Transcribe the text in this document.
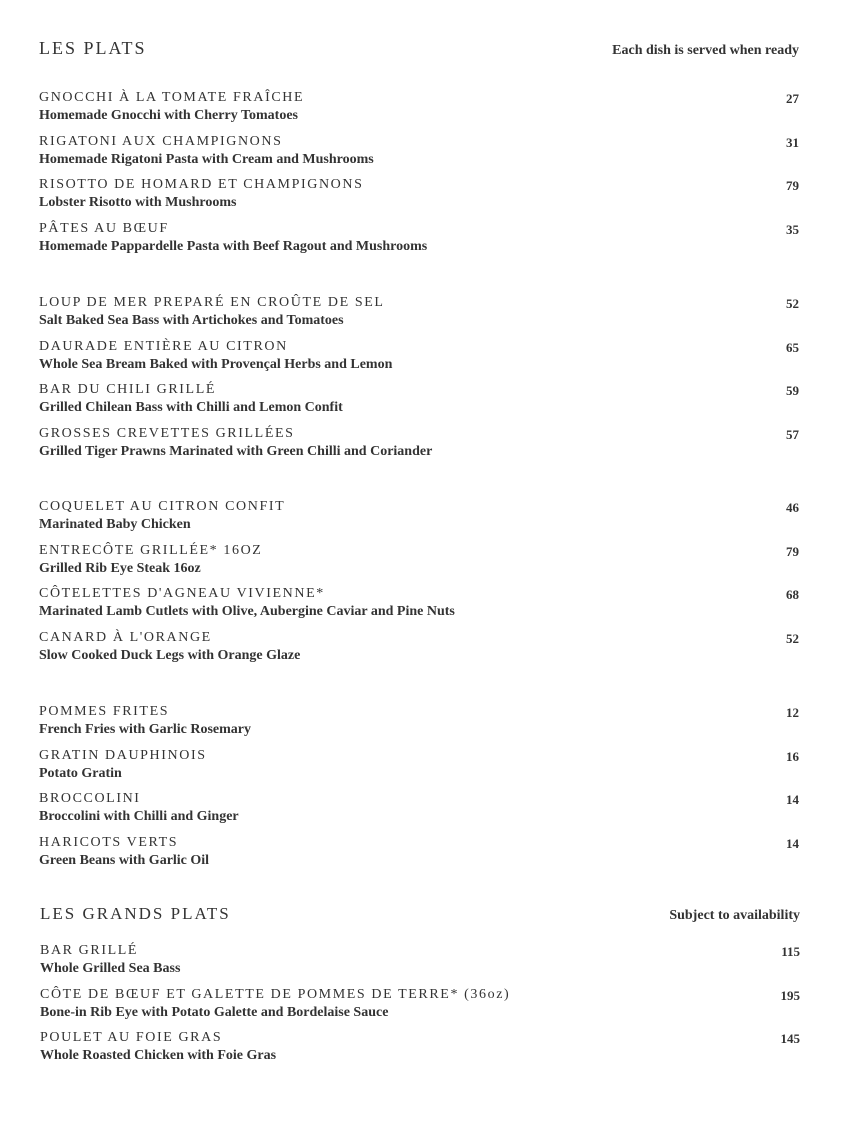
LES PLATS	Each dish is served when ready
GNOCCHI À LA TOMATE FRAÎCHE
Homemade Gnocchi with Cherry Tomatoes
27
RIGATONI AUX CHAMPIGNONS
Homemade Rigatoni Pasta with Cream and Mushrooms
31
RISOTTO DE HOMARD ET CHAMPIGNONS
Lobster Risotto with Mushrooms
79
PÂTES AU BŒUF
Homemade Pappardelle Pasta with Beef Ragout and Mushrooms
35
LOUP DE MER PREPARÉ EN CROÛTE DE SEL
Salt Baked Sea Bass with Artichokes and Tomatoes
52
DAURADE ENTIÈRE AU CITRON
Whole Sea Bream Baked with Provençal Herbs and Lemon
65
BAR DU CHILI GRILLÉ
Grilled Chilean Bass with Chilli and Lemon Confit
59
GROSSES CREVETTES GRILLÉES
Grilled Tiger Prawns Marinated with Green Chilli and Coriander
57
COQUELET AU CITRON CONFIT
Marinated Baby Chicken
46
ENTRECÔTE GRILLÉE* 16OZ
Grilled Rib Eye Steak 16oz
79
CÔTELETTES D'AGNEAU VIVIENNE*
Marinated Lamb Cutlets with Olive, Aubergine Caviar and Pine Nuts
68
CANARD À L'ORANGE
Slow Cooked Duck Legs with Orange Glaze
52
POMMES FRITES
French Fries with Garlic Rosemary
12
GRATIN DAUPHINOIS
Potato Gratin
16
BROCCOLINI
Broccolini with Chilli and Ginger
14
HARICOTS VERTS
Green Beans with Garlic Oil
14
LES GRANDS PLATS	Subject to availability
BAR GRILLÉ
Whole Grilled Sea Bass
115
CÔTE DE BŒUF ET GALETTE DE POMMES DE TERRE* (36oz)
Bone-in Rib Eye with Potato Galette and Bordelaise Sauce
195
POULET AU FOIE GRAS
Whole Roasted Chicken with Foie Gras
145
